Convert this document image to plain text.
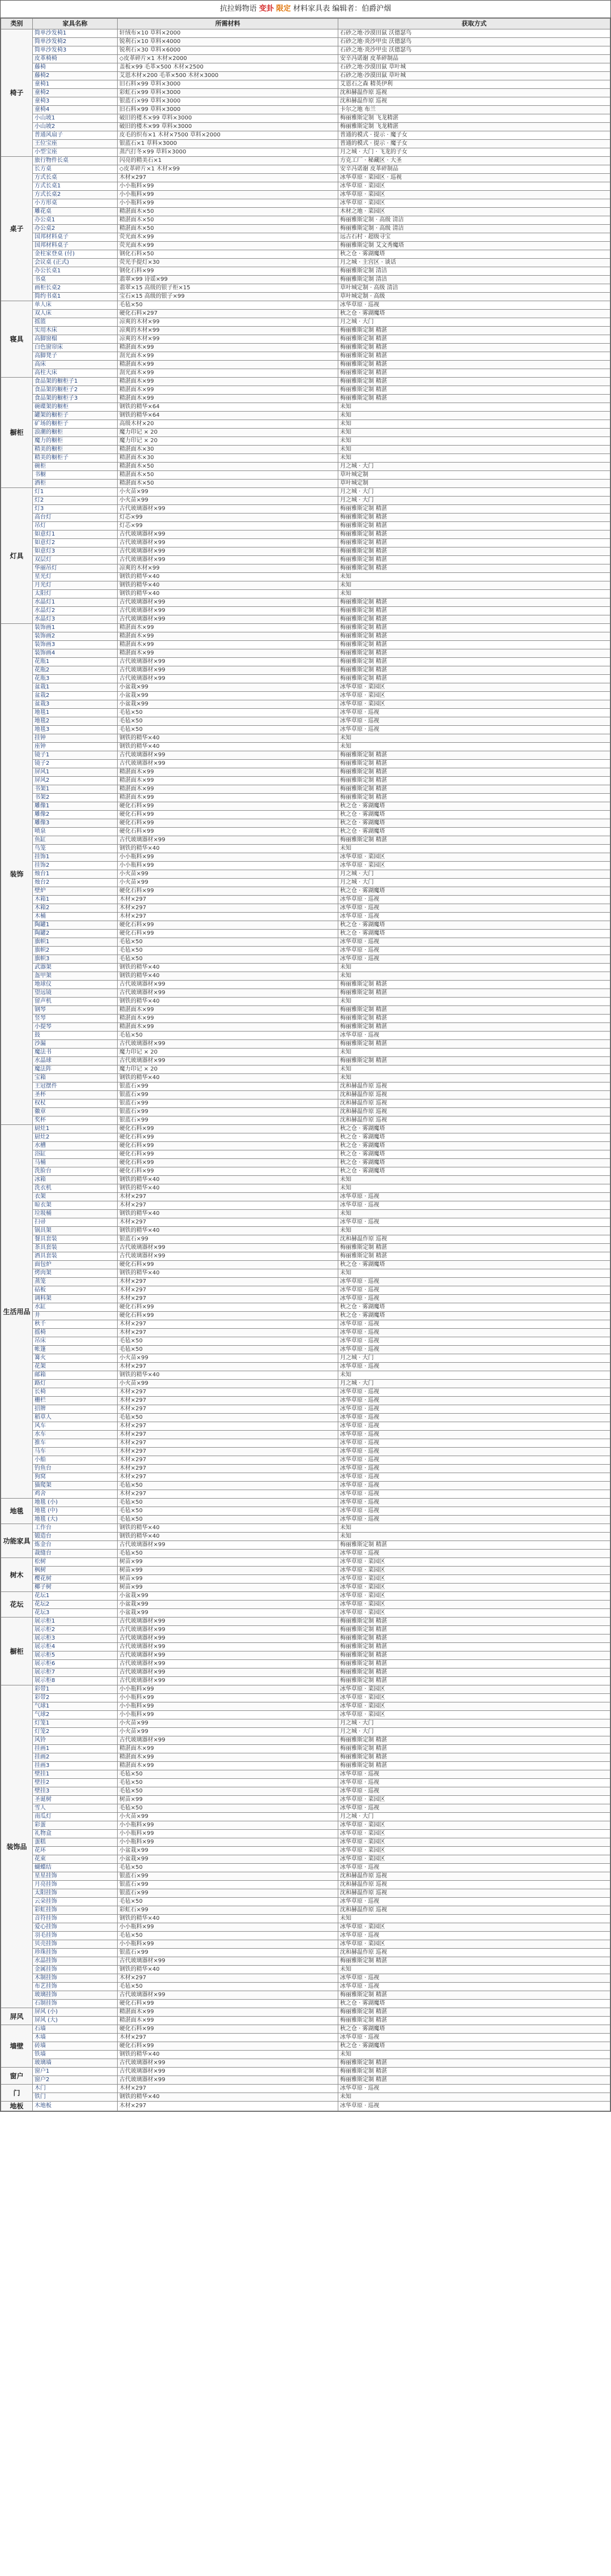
抗拉姆物语 变卦 限定 材料家具表 编辑者：伯爵沪烟
类别	家具名称	所需材料	获取方式
椅子	简单沙发椅1	轩绒布×10 草料×2000	石砂之地·沙漠田鼠 沃德瑟鸟
	简单沙发椅2	锐利石×10 草料×4000	石砂之地·炎沙甲虫 沃德瑟鸟
	简单沙发椅3	锐利石×30 草料×6000	石砂之地·炎沙甲虫 沃德瑟鸟
	皮革椅椅	◇皮革碎片×1 木材×2000	安辛冯诺谢 皮革碎制品
	藤椅	盖板×99 毛革×500 木材×2500	石砂之地·沙漠田鼠 草叶城
	藤椅2	艾恩木材×200 毛革×500 木材×3000	石砂之地·沙漠田鼠 草叶城
	童椅1	旧石料×99 草料×3000	艾恩石之森 精英伊利
	童椅2	彩虹石×99 草料×3000	沈和赫温作原 巡视
	童椅3	银蓝石×99 草料×3000	沈和赫温作原 巡视
	童椅4	旧石料×99 草料×3000	卡尔之地 布兰
	小山坡1	破旧的楼木×99 草料×3000	梅丽雅斯定制 飞龙精湛
	小山坡2	破旧的楼木×99 草料×3000	梅丽雅斯定制 飞龙精湛
	普通风扇子	皮毛的织布×1 木材×7500 草料×2000	普通的模式 · 提示 · 魔子女
	王位宝座	银蓝石×1 草料×3000	普通的模式 · 提示 · 魔子女
	小型宝座	蒸汽打冬×99 草料×3000	月之城 · 大门 · 飞龙的子女
桌子	旅行物件长桌	闪亮的精美石×1	方克工厂 · 秘藏区 · 大圣
	长方桌	◇皮革碎片×1 木材×99	安辛冯诺谢 皮革碎制品
	方式长桌	木材×297	冰华草原 · 菜园区 · 巡视
	方式长桌1	小小瓶料×99	冰华草原 · 菜园区
	方式长桌2	小小瓶料×99	冰华草原 · 菜园区
	小方形桌	小小瓶料×99	冰华草原 · 菜园区
	雕花桌	精湛面木×50	木材之地 · 菜园区
	办公桌1	精湛面木×50	梅丽雅斯定制 · 高级 清洁
	办公桌2	精湛面木×50	梅丽雅斯定制 · 高级 清洁
	国邦材料桌子	荧光面木×99	远古石村 · 超级寻宝
	国邦材料桌子	荧光面木×99	梅丽雅斯定制 艾文秀魔塔
	金柱家登桌 (付)	钢化石料×50	秋之仓 · 雾湖魔塔
	会议桌 (正式)	荧光手提灯×30	月之城 · 主宫区 · 谈话
	办公长桌1	钢化石料×99	梅丽雅斯定制 清洁
	书桌	翡翠×99 诗谣×99	梅丽雅斯定制 清洁
	画柜长桌2	翡翠×15 高级的银子柜×15	草叶城定制 · 高级 清洁
	简约书桌1	宝石×15 高级的银子×99	草叶城定制 · 高级
寝具	单人床	毛毡×50	冰华草原 · 巡视
	双人床	硬化石料×297	秋之仓 · 雾湖魔塔
	摇篮	凉爽的木材×99	月之城 · 大门
	实用木床	凉爽的木材×99	梅丽雅斯定制 精湛
	高脚窗榻	凉爽的木材×99	梅丽雅斯定制 精湛
	白色窗帘床	精湛面木×99	梅丽雅斯定制 精湛
	高脚凳子	刮光面木×99	梅丽雅斯定制 精湛
	高床	精湛面木×99	梅丽雅斯定制 精湛
	高柱大床	刮光面木×99	梅丽雅斯定制 精湛
橱柜	食品架的橱柜子1	精湛面木×99	梅丽雅斯定制 精湛
	食品架的橱柜子2	精湛面木×99	梅丽雅斯定制 精湛
	食品架的橱柜子3	精湛面木×99	梅丽雅斯定制 精湛
	碗碟架的橱柜	钢铁的精华×64	未知
	罐架的橱柜子	钢铁的精华×64	未知
	矿场的橱柜子	高级木材×20	未知
	浪潮的橱柜	魔力印记 × 20	未知
	魔力的橱柜	魔力印记 × 20	未知
	精美的橱柜	精湛面木×30	未知
	精美的橱柜子	精湛面木×30	未知
	碗柜	精湛面木×50	月之城 · 大门
	书橱	精湛面木×50	草叶城定制
	酒柜	精湛面木×50	草叶城定制
灯具	灯1	小火苗×99	月之城 · 大门
	灯2	小火苗×99	月之城 · 大门
	灯3	古代玻璃器材×99	梅丽雅斯定制 精湛
	高台灯	灯芯×99	梅丽雅斯定制 精湛
	吊灯	灯芯×99	梅丽雅斯定制 精湛
	如意灯1	古代玻璃器材×99	梅丽雅斯定制 精湛
	如意灯2	古代玻璃器材×99	梅丽雅斯定制 精湛
	如意灯3	古代玻璃器材×99	梅丽雅斯定制 精湛
	双层灯	古代玻璃器材×99	梅丽雅斯定制 精湛
	华丽吊灯	凉爽的木材×99	梅丽雅斯定制 精湛
	星光灯	钢铁的精华×40	未知
	月光灯	钢铁的精华×40	未知
	太阳灯	钢铁的精华×40	未知
	水晶灯1	古代玻璃器材×99	梅丽雅斯定制 精湛
	水晶灯2	古代玻璃器材×99	梅丽雅斯定制 精湛
	水晶灯3	古代玻璃器材×99	梅丽雅斯定制 精湛
装饰	装饰画1	精湛面木×99	梅丽雅斯定制 精湛
	装饰画2	精湛面木×99	梅丽雅斯定制 精湛
	装饰画3	精湛面木×99	梅丽雅斯定制 精湛
	装饰画4	精湛面木×99	梅丽雅斯定制 精湛
	花瓶1	古代玻璃器材×99	梅丽雅斯定制 精湛
	花瓶2	古代玻璃器材×99	梅丽雅斯定制 精湛
	花瓶3	古代玻璃器材×99	梅丽雅斯定制 精湛
	盆栽1	小盆栽×99	冰华草原 · 菜园区
	盆栽2	小盆栽×99	冰华草原 · 菜园区
	盆栽3	小盆栽×99	冰华草原 · 菜园区
	地毯1	毛毡×50	冰华草原 · 巡视
	地毯2	毛毡×50	冰华草原 · 巡视
	地毯3	毛毡×50	冰华草原 · 巡视
	挂钟	钢铁的精华×40	未知
	座钟	钢铁的精华×40	未知
	镜子1	古代玻璃器材×99	梅丽雅斯定制 精湛
	镜子2	古代玻璃器材×99	梅丽雅斯定制 精湛
	屏风1	精湛面木×99	梅丽雅斯定制 精湛
	屏风2	精湛面木×99	梅丽雅斯定制 精湛
	书架1	精湛面木×99	梅丽雅斯定制 精湛
	书架2	精湛面木×99	梅丽雅斯定制 精湛
	雕像1	硬化石料×99	秋之仓 · 雾湖魔塔
	雕像2	硬化石料×99	秋之仓 · 雾湖魔塔
	雕像3	硬化石料×99	秋之仓 · 雾湖魔塔
	喷泉	硬化石料×99	秋之仓 · 雾湖魔塔
	鱼缸	古代玻璃器材×99	梅丽雅斯定制 精湛
	鸟笼	钢铁的精华×40	未知
	挂饰1	小小瓶料×99	冰华草原 · 菜园区
	挂饰2	小小瓶料×99	冰华草原 · 菜园区
	烛台1	小火苗×99	月之城 · 大门
	烛台2	小火苗×99	月之城 · 大门
	壁炉	硬化石料×99	秋之仓 · 雾湖魔塔
	木箱1	木材×297	冰华草原 · 巡视
	木箱2	木材×297	冰华草原 · 巡视
	木桶	木材×297	冰华草原 · 巡视
	陶罐1	硬化石料×99	秋之仓 · 雾湖魔塔
	陶罐2	硬化石料×99	秋之仓 · 雾湖魔塔
	旗帜1	毛毡×50	冰华草原 · 巡视
	旗帜2	毛毡×50	冰华草原 · 巡视
	旗帜3	毛毡×50	冰华草原 · 巡视
	武器架	钢铁的精华×40	未知
	盔甲架	钢铁的精华×40	未知
	地球仪	古代玻璃器材×99	梅丽雅斯定制 精湛
	望远镜	古代玻璃器材×99	梅丽雅斯定制 精湛
	留声机	钢铁的精华×40	未知
	钢琴	精湛面木×99	梅丽雅斯定制 精湛
	竖琴	精湛面木×99	梅丽雅斯定制 精湛
	小提琴	精湛面木×99	梅丽雅斯定制 精湛
	鼓	毛毡×50	冰华草原 · 巡视
	沙漏	古代玻璃器材×99	梅丽雅斯定制 精湛
	魔法书	魔力印记 × 20	未知
	水晶球	古代玻璃器材×99	梅丽雅斯定制 精湛
	魔法阵	魔力印记 × 20	未知
	宝箱	钢铁的精华×40	未知
	王冠摆件	银蓝石×99	沈和赫温作原 巡视
	圣杯	银蓝石×99	沈和赫温作原 巡视
	权杖	银蓝石×99	沈和赫温作原 巡视
	徽章	银蓝石×99	沈和赫温作原 巡视
	奖杯	银蓝石×99	沈和赫温作原 巡视
生活用品	厨灶1	硬化石料×99	秋之仓 · 雾湖魔塔
	厨灶2	硬化石料×99	秋之仓 · 雾湖魔塔
	水槽	硬化石料×99	秋之仓 · 雾湖魔塔
	浴缸	硬化石料×99	秋之仓 · 雾湖魔塔
	马桶	硬化石料×99	秋之仓 · 雾湖魔塔
	洗脸台	硬化石料×99	秋之仓 · 雾湖魔塔
	冰箱	钢铁的精华×40	未知
	洗衣机	钢铁的精华×40	未知
	衣架	木材×297	冰华草原 · 巡视
	晾衣架	木材×297	冰华草原 · 巡视
	垃圾桶	钢铁的精华×40	未知
	扫帚	木材×297	冰华草原 · 巡视
	锅具架	钢铁的精华×40	未知
	餐具套装	银蓝石×99	沈和赫温作原 巡视
	茶具套装	古代玻璃器材×99	梅丽雅斯定制 精湛
	酒具套装	古代玻璃器材×99	梅丽雅斯定制 精湛
	面包炉	硬化石料×99	秋之仓 · 雾湖魔塔
	烤肉架	钢铁的精华×40	未知
	蒸笼	木材×297	冰华草原 · 巡视
	砧板	木材×297	冰华草原 · 巡视
	调料架	木材×297	冰华草原 · 巡视
	水缸	硬化石料×99	秋之仓 · 雾湖魔塔
	井	硬化石料×99	秋之仓 · 雾湖魔塔
	秋千	木材×297	冰华草原 · 巡视
	摇椅	木材×297	冰华草原 · 巡视
	吊床	毛毡×50	冰华草原 · 巡视
	帐篷	毛毡×50	冰华草原 · 巡视
	篝火	小火苗×99	月之城 · 大门
	花架	木材×297	冰华草原 · 巡视
	邮箱	钢铁的精华×40	未知
	路灯	小火苗×99	月之城 · 大门
	长椅	木材×297	冰华草原 · 巡视
	栅栏	木材×297	冰华草原 · 巡视
	招牌	木材×297	冰华草原 · 巡视
	稻草人	毛毡×50	冰华草原 · 巡视
	风车	木材×297	冰华草原 · 巡视
	水车	木材×297	冰华草原 · 巡视
	推车	木材×297	冰华草原 · 巡视
	马车	木材×297	冰华草原 · 巡视
	小船	木材×297	冰华草原 · 巡视
	钓鱼台	木材×297	冰华草原 · 巡视
	狗窝	木材×297	冰华草原 · 巡视
	猫爬架	毛毡×50	冰华草原 · 巡视
	鸡舍	木材×297	冰华草原 · 巡视
地毯	地毯 (小)	毛毡×50	冰华草原 · 巡视
	地毯 (中)	毛毡×50	冰华草原 · 巡视
	地毯 (大)	毛毡×50	冰华草原 · 巡视
功能家具	工作台	钢铁的精华×40	未知
	锻造台	钢铁的精华×40	未知
	炼金台	古代玻璃器材×99	梅丽雅斯定制 精湛
	裁缝台	毛毡×50	冰华草原 · 巡视
树木	松树	树苗×99	冰华草原 · 菜园区
	枫树	树苗×99	冰华草原 · 菜园区
	樱花树	树苗×99	冰华草原 · 菜园区
	椰子树	树苗×99	冰华草原 · 菜园区
花坛	花坛1	小盆栽×99	冰华草原 · 菜园区
	花坛2	小盆栽×99	冰华草原 · 菜园区
	花坛3	小盆栽×99	冰华草原 · 菜园区
橱柜	展示柜1	古代玻璃器材×99	梅丽雅斯定制 精湛
	展示柜2	古代玻璃器材×99	梅丽雅斯定制 精湛
	展示柜3	古代玻璃器材×99	梅丽雅斯定制 精湛
	展示柜4	古代玻璃器材×99	梅丽雅斯定制 精湛
	展示柜5	古代玻璃器材×99	梅丽雅斯定制 精湛
	展示柜6	古代玻璃器材×99	梅丽雅斯定制 精湛
	展示柜7	古代玻璃器材×99	梅丽雅斯定制 精湛
	展示柜8	古代玻璃器材×99	梅丽雅斯定制 精湛
装饰品	彩带1	小小瓶料×99	冰华草原 · 菜园区
	彩带2	小小瓶料×99	冰华草原 · 菜园区
	气球1	小小瓶料×99	冰华草原 · 菜园区
	气球2	小小瓶料×99	冰华草原 · 菜园区
	灯笼1	小火苗×99	月之城 · 大门
	灯笼2	小火苗×99	月之城 · 大门
	风铃	古代玻璃器材×99	梅丽雅斯定制 精湛
	挂画1	精湛面木×99	梅丽雅斯定制 精湛
	挂画2	精湛面木×99	梅丽雅斯定制 精湛
	挂画3	精湛面木×99	梅丽雅斯定制 精湛
	壁挂1	毛毡×50	冰华草原 · 巡视
	壁挂2	毛毡×50	冰华草原 · 巡视
	壁挂3	毛毡×50	冰华草原 · 巡视
	圣诞树	树苗×99	冰华草原 · 菜园区
	雪人	毛毡×50	冰华草原 · 巡视
	南瓜灯	小火苗×99	月之城 · 大门
	彩蛋	小小瓶料×99	冰华草原 · 菜园区
	礼物盒	小小瓶料×99	冰华草原 · 菜园区
	蛋糕	小小瓶料×99	冰华草原 · 菜园区
	花环	小盆栽×99	冰华草原 · 菜园区
	花束	小盆栽×99	冰华草原 · 菜园区
	蝴蝶结	毛毡×50	冰华草原 · 巡视
	星星挂饰	银蓝石×99	沈和赫温作原 巡视
	月亮挂饰	银蓝石×99	沈和赫温作原 巡视
	太阳挂饰	银蓝石×99	沈和赫温作原 巡视
	云朵挂饰	毛毡×50	冰华草原 · 巡视
	彩虹挂饰	彩虹石×99	沈和赫温作原 巡视
	音符挂饰	钢铁的精华×40	未知
	爱心挂饰	小小瓶料×99	冰华草原 · 菜园区
	羽毛挂饰	毛毡×50	冰华草原 · 巡视
	贝壳挂饰	小小瓶料×99	冰华草原 · 菜园区
	珍珠挂饰	银蓝石×99	沈和赫温作原 巡视
	水晶挂饰	古代玻璃器材×99	梅丽雅斯定制 精湛
	金属挂饰	钢铁的精华×40	未知
	木制挂饰	木材×297	冰华草原 · 巡视
	布艺挂饰	毛毡×50	冰华草原 · 巡视
	玻璃挂饰	古代玻璃器材×99	梅丽雅斯定制 精湛
	石制挂饰	硬化石料×99	秋之仓 · 雾湖魔塔
屏风	屏风 (小)	精湛面木×99	梅丽雅斯定制 精湛
	屏风 (大)	精湛面木×99	梅丽雅斯定制 精湛
墙壁	石墙	硬化石料×99	秋之仓 · 雾湖魔塔
	木墙	木材×297	冰华草原 · 巡视
	砖墙	硬化石料×99	秋之仓 · 雾湖魔塔
	铁墙	钢铁的精华×40	未知
	玻璃墙	古代玻璃器材×99	梅丽雅斯定制 精湛
窗户	窗户1	古代玻璃器材×99	梅丽雅斯定制 精湛
	窗户2	古代玻璃器材×99	梅丽雅斯定制 精湛
门	木门	木材×297	冰华草原 · 巡视
	铁门	钢铁的精华×40	未知
地板	木地板	木材×297	冰华草原 · 巡视
